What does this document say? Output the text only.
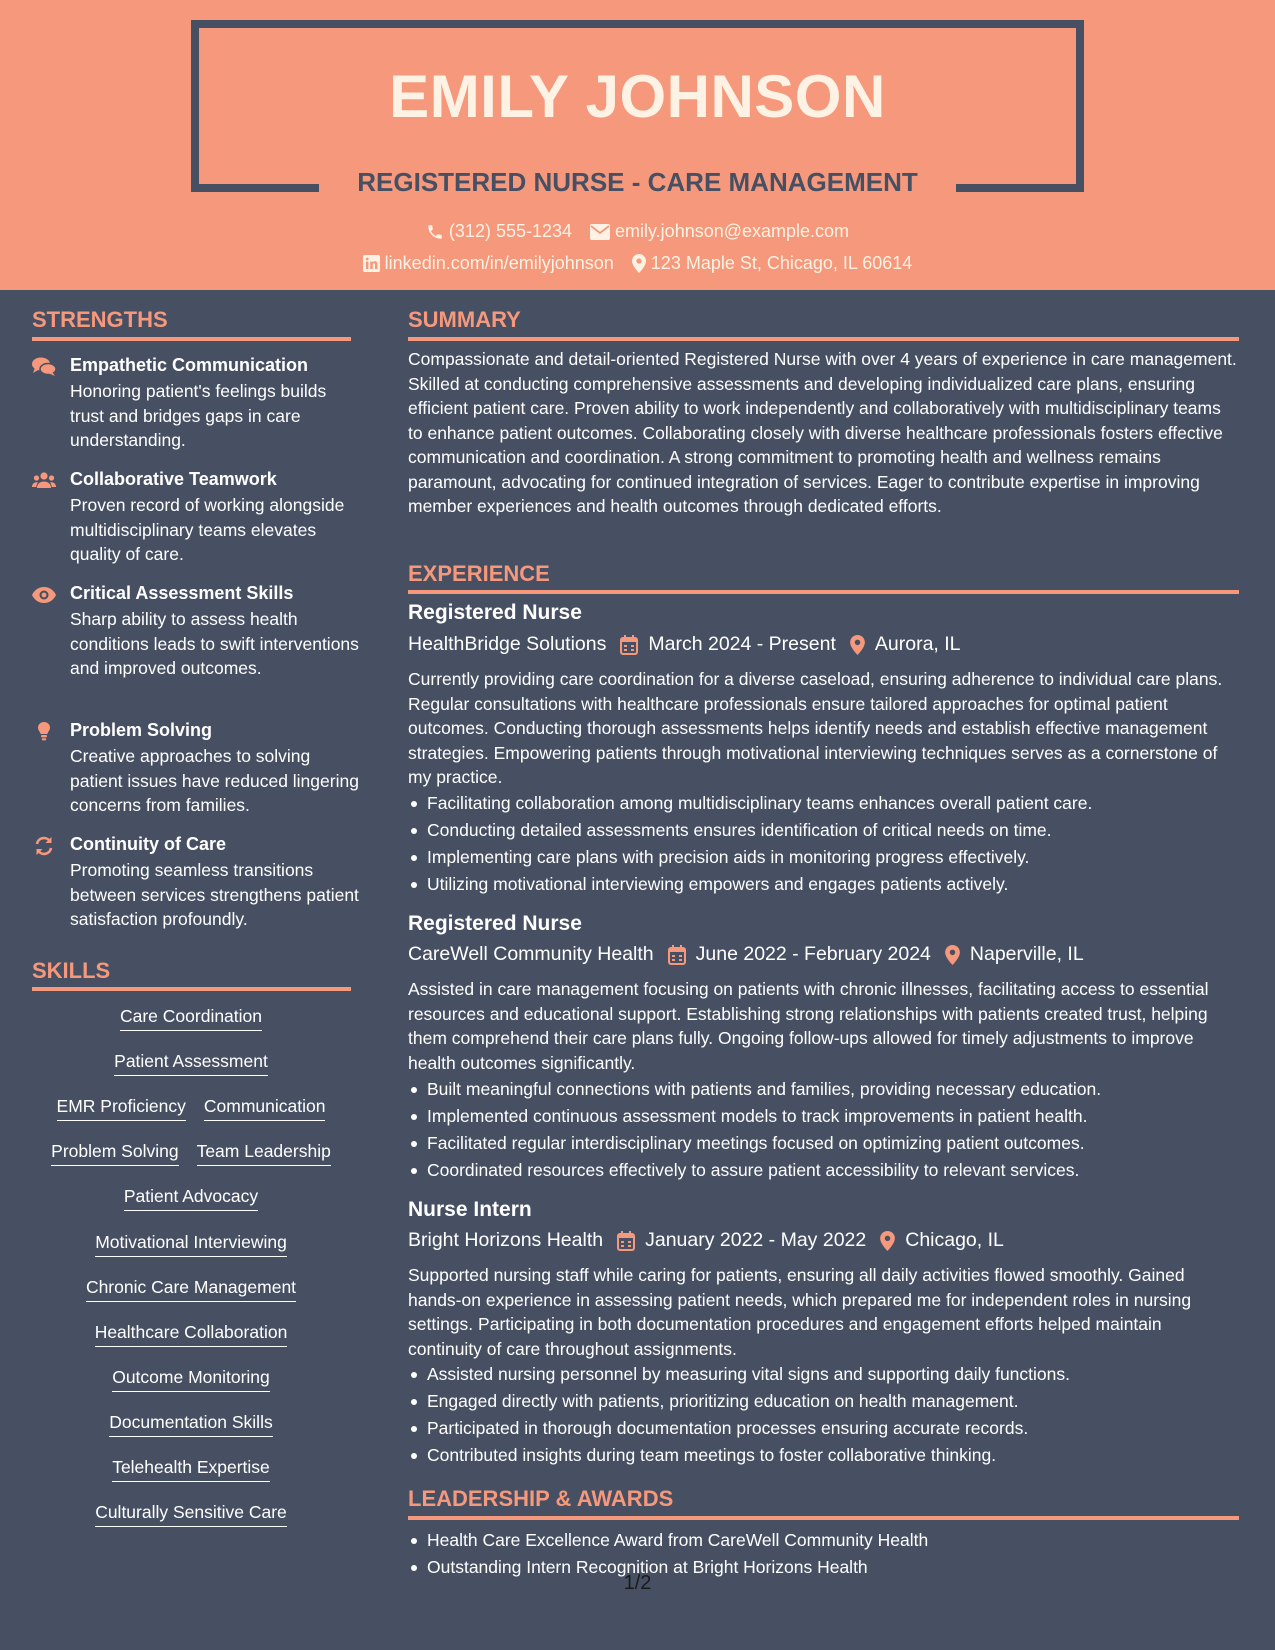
EMILY JOHNSON
REGISTERED NURSE - CARE MANAGEMENT
(312) 555-1234 emily.johnson@example.com
linkedin.com/in/emilyjohnson 123 Maple St, Chicago, IL 60614
STRENGTHS
Empathetic Communication
Honoring patient's feelings builds trust and bridges gaps in care understanding.
Collaborative Teamwork
Proven record of working alongside multidisciplinary teams elevates quality of care.
Critical Assessment Skills
Sharp ability to assess health conditions leads to swift interventions and improved outcomes.
Problem Solving
Creative approaches to solving patient issues have reduced lingering concerns from families.
Continuity of Care
Promoting seamless transitions between services strengthens patient satisfaction profoundly.
SKILLS
Care Coordination
Patient Assessment
EMR Proficiency Communication
Problem Solving Team Leadership
Patient Advocacy
Motivational Interviewing
Chronic Care Management
Healthcare Collaboration
Outcome Monitoring
Documentation Skills
Telehealth Expertise
Culturally Sensitive Care
SUMMARY
Compassionate and detail-oriented Registered Nurse with over 4 years of experience in care management. Skilled at conducting comprehensive assessments and developing individualized care plans, ensuring efficient patient care. Proven ability to work independently and collaboratively with multidisciplinary teams to enhance patient outcomes. Collaborating closely with diverse healthcare professionals fosters effective communication and coordination. A strong commitment to promoting health and wellness remains paramount, advocating for continued integration of services. Eager to contribute expertise in improving member experiences and health outcomes through dedicated efforts.
EXPERIENCE
Registered Nurse
HealthBridge Solutions March 2024 - Present Aurora, IL
Currently providing care coordination for a diverse caseload, ensuring adherence to individual care plans. Regular consultations with healthcare professionals ensure tailored approaches for optimal patient outcomes. Conducting thorough assessments helps identify needs and establish effective management strategies. Empowering patients through motivational interviewing techniques serves as a cornerstone of my practice.
Facilitating collaboration among multidisciplinary teams enhances overall patient care.
Conducting detailed assessments ensures identification of critical needs on time.
Implementing care plans with precision aids in monitoring progress effectively.
Utilizing motivational interviewing empowers and engages patients actively.
Registered Nurse
CareWell Community Health June 2022 - February 2024 Naperville, IL
Assisted in care management focusing on patients with chronic illnesses, facilitating access to essential resources and educational support. Establishing strong relationships with patients created trust, helping them comprehend their care plans fully. Ongoing follow-ups allowed for timely adjustments to improve health outcomes significantly.
Built meaningful connections with patients and families, providing necessary education.
Implemented continuous assessment models to track improvements in patient health.
Facilitated regular interdisciplinary meetings focused on optimizing patient outcomes.
Coordinated resources effectively to assure patient accessibility to relevant services.
Nurse Intern
Bright Horizons Health January 2022 - May 2022 Chicago, IL
Supported nursing staff while caring for patients, ensuring all daily activities flowed smoothly. Gained hands-on experience in assessing patient needs, which prepared me for independent roles in nursing settings. Participating in both documentation procedures and engagement efforts helped maintain continuity of care throughout assignments.
Assisted nursing personnel by measuring vital signs and supporting daily functions.
Engaged directly with patients, prioritizing education on health management.
Participated in thorough documentation processes ensuring accurate records.
Contributed insights during team meetings to foster collaborative thinking.
LEADERSHIP & AWARDS
Health Care Excellence Award from CareWell Community Health
Outstanding Intern Recognition at Bright Horizons Health
1/2
